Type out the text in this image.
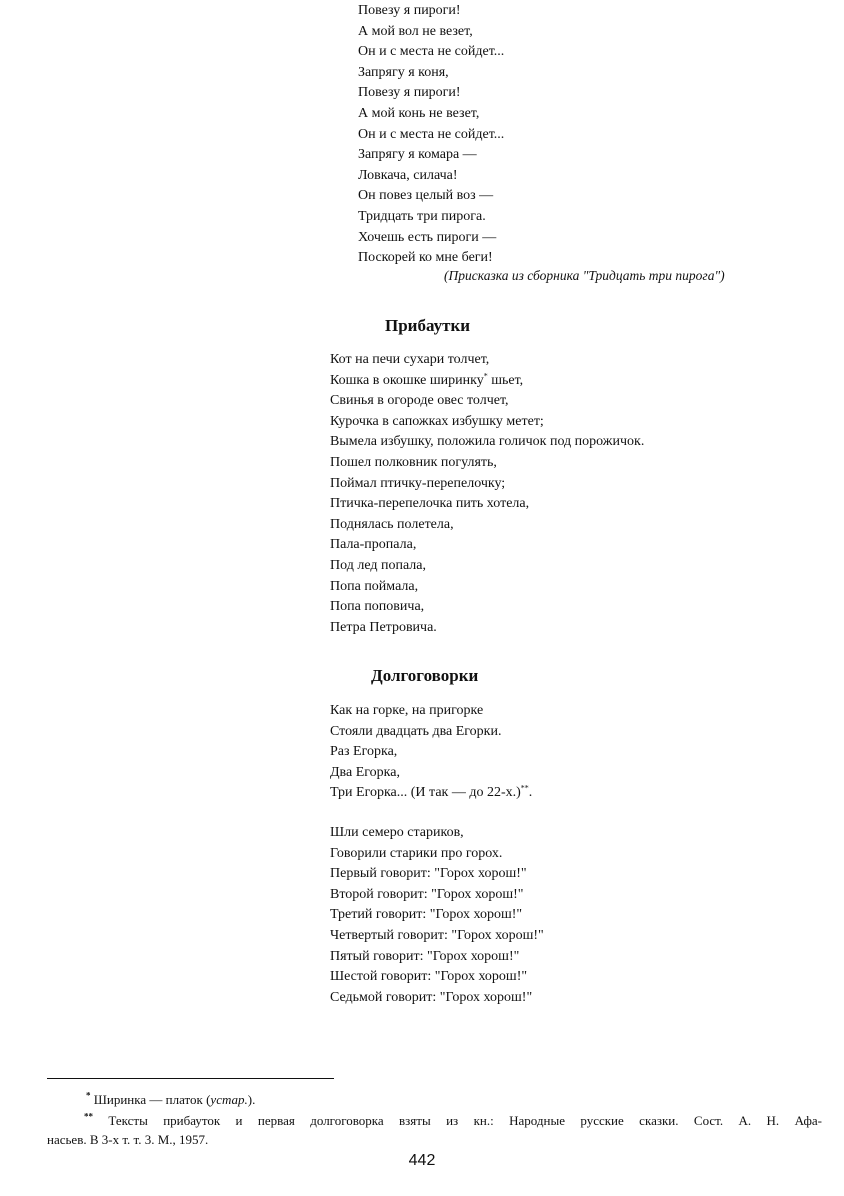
Повезу я пироги!
А мой вол не везет,
Он и с места не сойдет...
Запрягу я коня,
Повезу я пироги!
А мой конь не везет,
Он и с места не сойдет...
Запрягу я комара —
Ловкача, силача!
Он повез целый воз —
Тридцать три пирога.
Хочешь есть пироги —
Поскорей ко мне беги!
(Присказка из сборника "Тридцать три пирога")
Прибаутки
Кот на печи сухари толчет,
Кошка в окошке ширинку* шьет,
Свинья в огороде овес толчет,
Курочка в сапожках избушку метет;
Вымела избушку, положила голичок под порожичок.
Пошел полковник погулять,
Поймал птичку-перепелочку;
Птичка-перепелочка пить хотела,
Поднялась полетела,
Пала-пропала,
Под лед попала,
Попа поймала,
Попа поповича,
Петра Петровича.
Долгоговорки
Как на горке, на пригорке
Стояли двадцать два Егорки.
Раз Егорка,
Два Егорка,
Три Егорка... (И так — до 22-х.)**.
Шли семеро стариков,
Говорили старики про горох.
Первый говорит: "Горох хорош!"
Второй говорит: "Горох хорош!"
Третий говорит: "Горох хорош!"
Четвертый говорит: "Горох хорош!"
Пятый говорит: "Горох хорош!"
Шестой говорит: "Горох хорош!"
Седьмой говорит: "Горох хорош!"
* Ширинка — платок (устар.).
** Тексты прибауток и первая долгоговорка взяты из кн.: Народные русские сказки. Сост. А. Н. Афа-
насьев. В 3-х т. т. 3. М., 1957.
442
